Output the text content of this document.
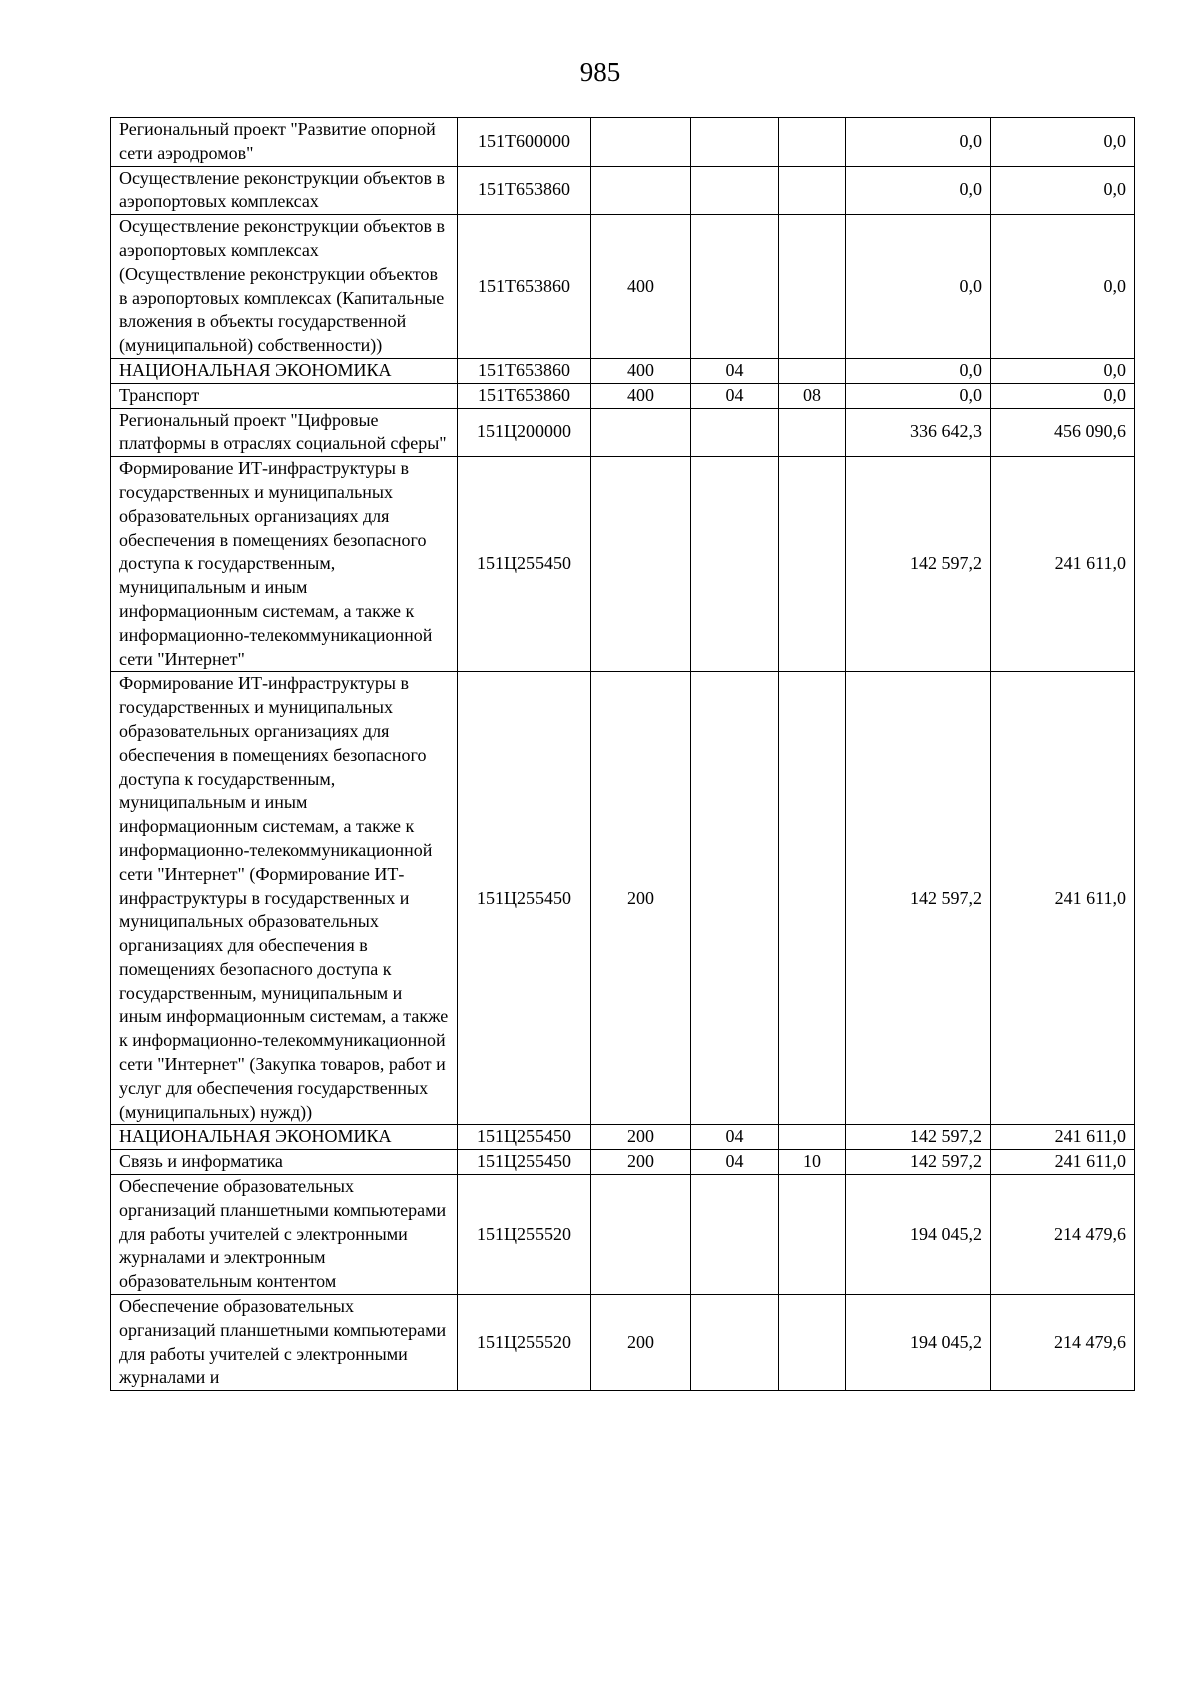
985
Региональный проект "Развитие опорной сети аэродромов"	151Т600000				0,0	0,0
Осуществление реконструкции объектов в аэропортовых комплексах	151Т653860				0,0	0,0
Осуществление реконструкции объектов в аэропортовых комплексах (Осуществление реконструкции объектов в аэропортовых комплексах (Капитальные вложения в объекты государственной (муниципальной) собственности))	151Т653860	400			0,0	0,0
НАЦИОНАЛЬНАЯ ЭКОНОМИКА	151Т653860	400	04		0,0	0,0
Транспорт	151Т653860	400	04	08	0,0	0,0
Региональный проект "Цифровые платформы в отраслях социальной сферы"	151Ц200000				336 642,3	456 090,6
Формирование ИТ-инфраструктуры в государственных и муниципальных образовательных организациях для обеспечения в помещениях безопасного доступа к государственным, муниципальным и иным информационным системам, а также к информационно-телекоммуникационной сети "Интернет"	151Ц255450				142 597,2	241 611,0
Формирование ИТ-инфраструктуры в государственных и муниципальных образовательных организациях для обеспечения в помещениях безопасного доступа к государственным, муниципальным и иным информационным системам, а также к информационно-телекоммуникационной сети "Интернет" (Формирование ИТ-инфраструктуры в государственных и муниципальных образовательных организациях для обеспечения в помещениях безопасного доступа к государственным, муниципальным и иным информационным системам, а также к информационно-телекоммуникационной сети "Интернет" (Закупка товаров, работ и услуг для обеспечения государственных (муниципальных) нужд))	151Ц255450	200			142 597,2	241 611,0
НАЦИОНАЛЬНАЯ ЭКОНОМИКА	151Ц255450	200	04		142 597,2	241 611,0
Связь и информатика	151Ц255450	200	04	10	142 597,2	241 611,0
Обеспечение образовательных организаций планшетными компьютерами для работы учителей с электронными журналами и электронным образовательным контентом	151Ц255520				194 045,2	214 479,6
Обеспечение образовательных организаций планшетными компьютерами для работы учителей с электронными журналами и	151Ц255520	200			194 045,2	214 479,6
